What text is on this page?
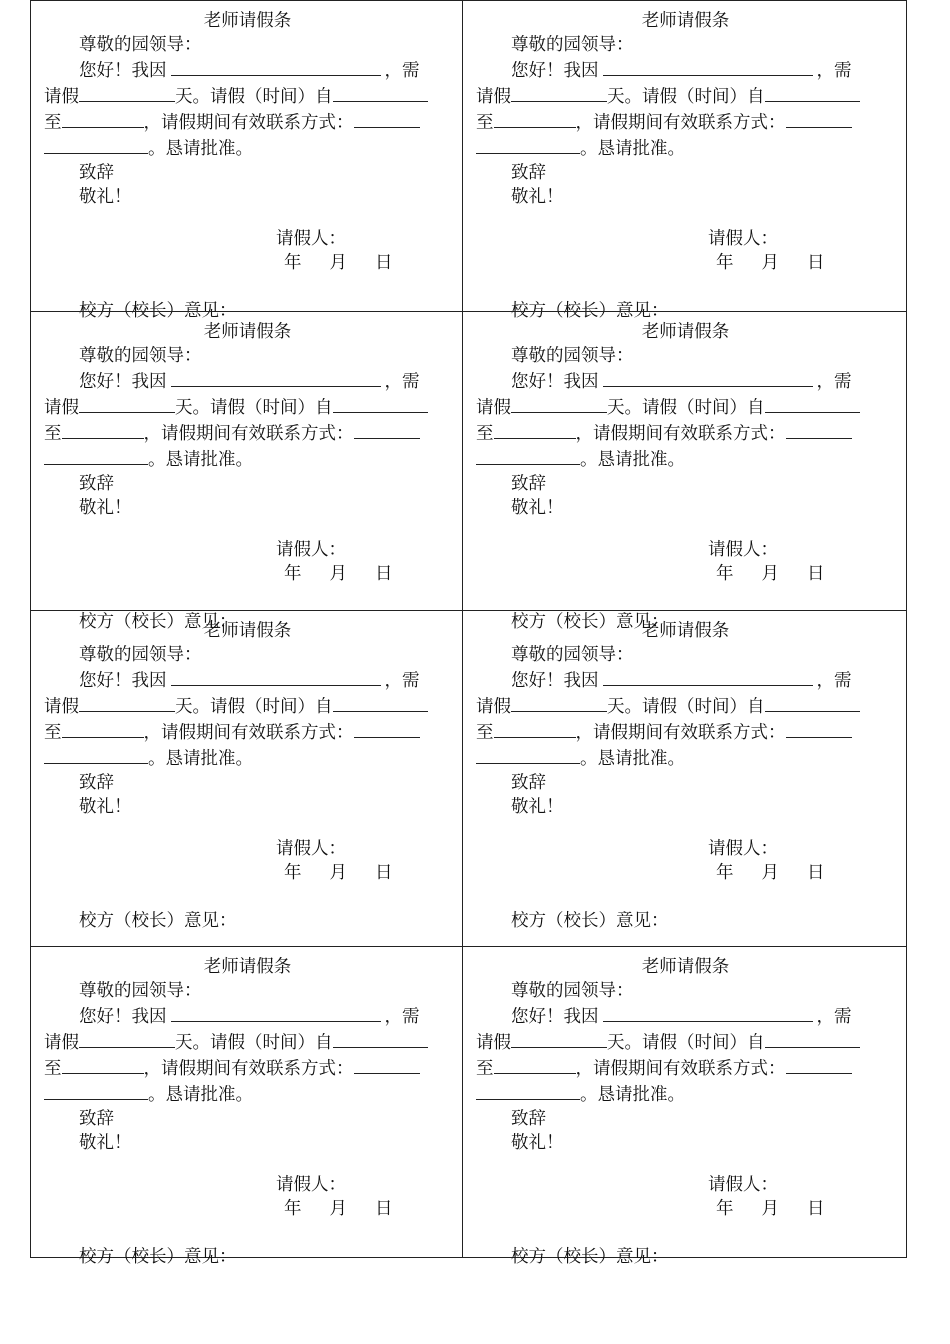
老师请假条
尊敬的园领导：
您好！我因	，需
请假	天。请假（时间）自
至	，请假期间有效联系方式：
。恳请批准。
致辞
敬礼！
请假人：
年 月 日
校方（校长）意见：
老师请假条
尊敬的园领导：
您好！我因	，需
请假	天。请假（时间）自
至	，请假期间有效联系方式：
。恳请批准。
致辞
敬礼！
请假人：
年 月 日
校方（校长）意见：
老师请假条
尊敬的园领导：
您好！我因	，需
请假	天。请假（时间）自
至	，请假期间有效联系方式：
。恳请批准。
致辞
敬礼！
请假人：
年 月 日
校方（校长）意见：
老师请假条
尊敬的园领导：
您好！我因	，需
请假	天。请假（时间）自
至	，请假期间有效联系方式：
。恳请批准。
致辞
敬礼！
请假人：
年 月 日
校方（校长）意见：
老师请假条
尊敬的园领导：
您好！我因	，需
请假	天。请假（时间）自
至	，请假期间有效联系方式：
。恳请批准。
致辞
敬礼！
请假人：
年 月 日
校方（校长）意见：
老师请假条
尊敬的园领导：
您好！我因	，需
请假	天。请假（时间）自
至	，请假期间有效联系方式：
。恳请批准。
致辞
敬礼！
请假人：
年 月 日
校方（校长）意见：
老师请假条
尊敬的园领导：
您好！我因	，需
请假	天。请假（时间）自
至	，请假期间有效联系方式：
。恳请批准。
致辞
敬礼！
请假人：
年 月 日
校方（校长）意见：
老师请假条
尊敬的园领导：
您好！我因	，需
请假	天。请假（时间）自
至	，请假期间有效联系方式：
。恳请批准。
致辞
敬礼！
请假人：
年 月 日
校方（校长）意见：
